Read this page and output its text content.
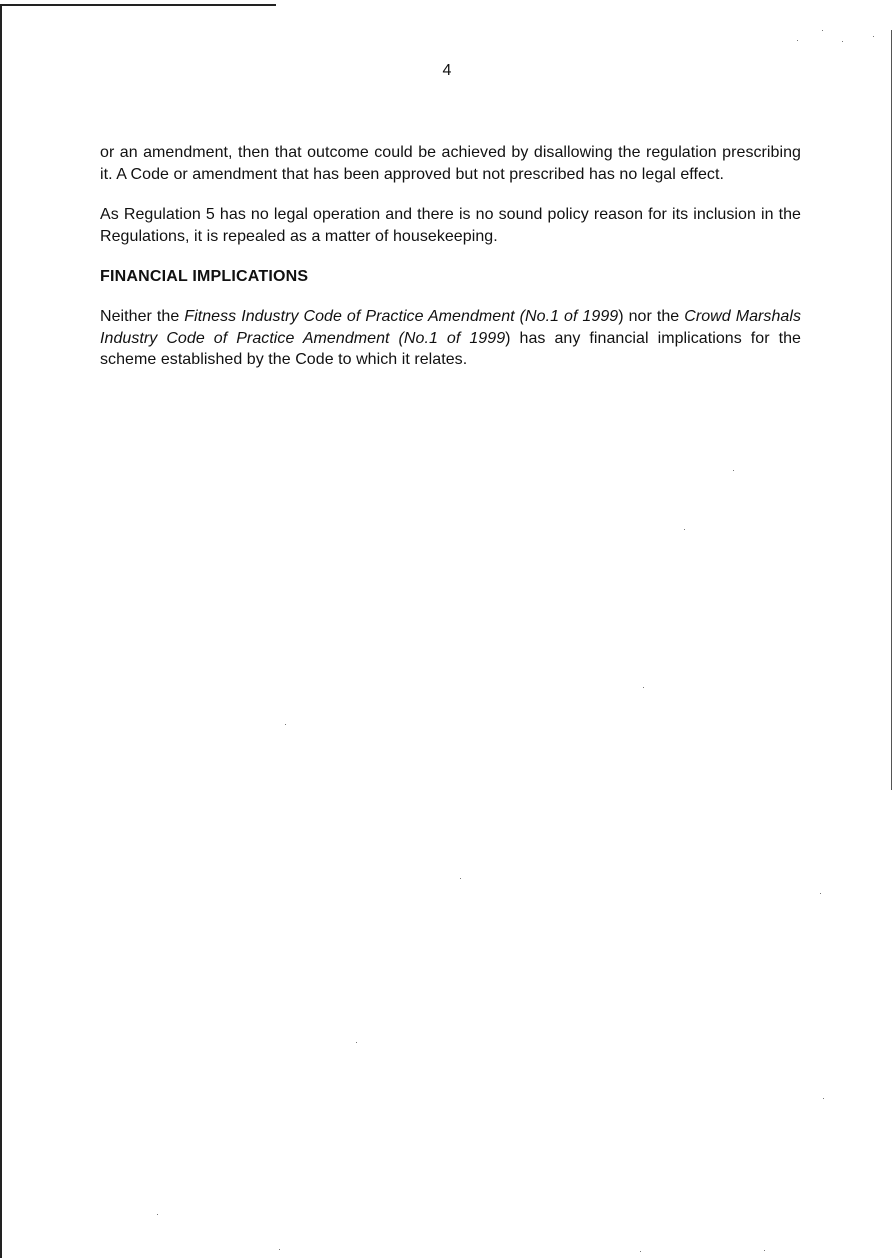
4

or an amendment, then that outcome could be achieved by disallowing the regulation prescribing it. A Code or amendment that has been approved but not prescribed has no legal effect.

As Regulation 5 has no legal operation and there is no sound policy reason for its inclusion in the Regulations, it is repealed as a matter of housekeeping.

FINANCIAL IMPLICATIONS

Neither the Fitness Industry Code of Practice Amendment (No.1 of 1999) nor the Crowd Marshals Industry Code of Practice Amendment (No.1 of 1999) has any financial implications for the scheme established by the Code to which it relates.
